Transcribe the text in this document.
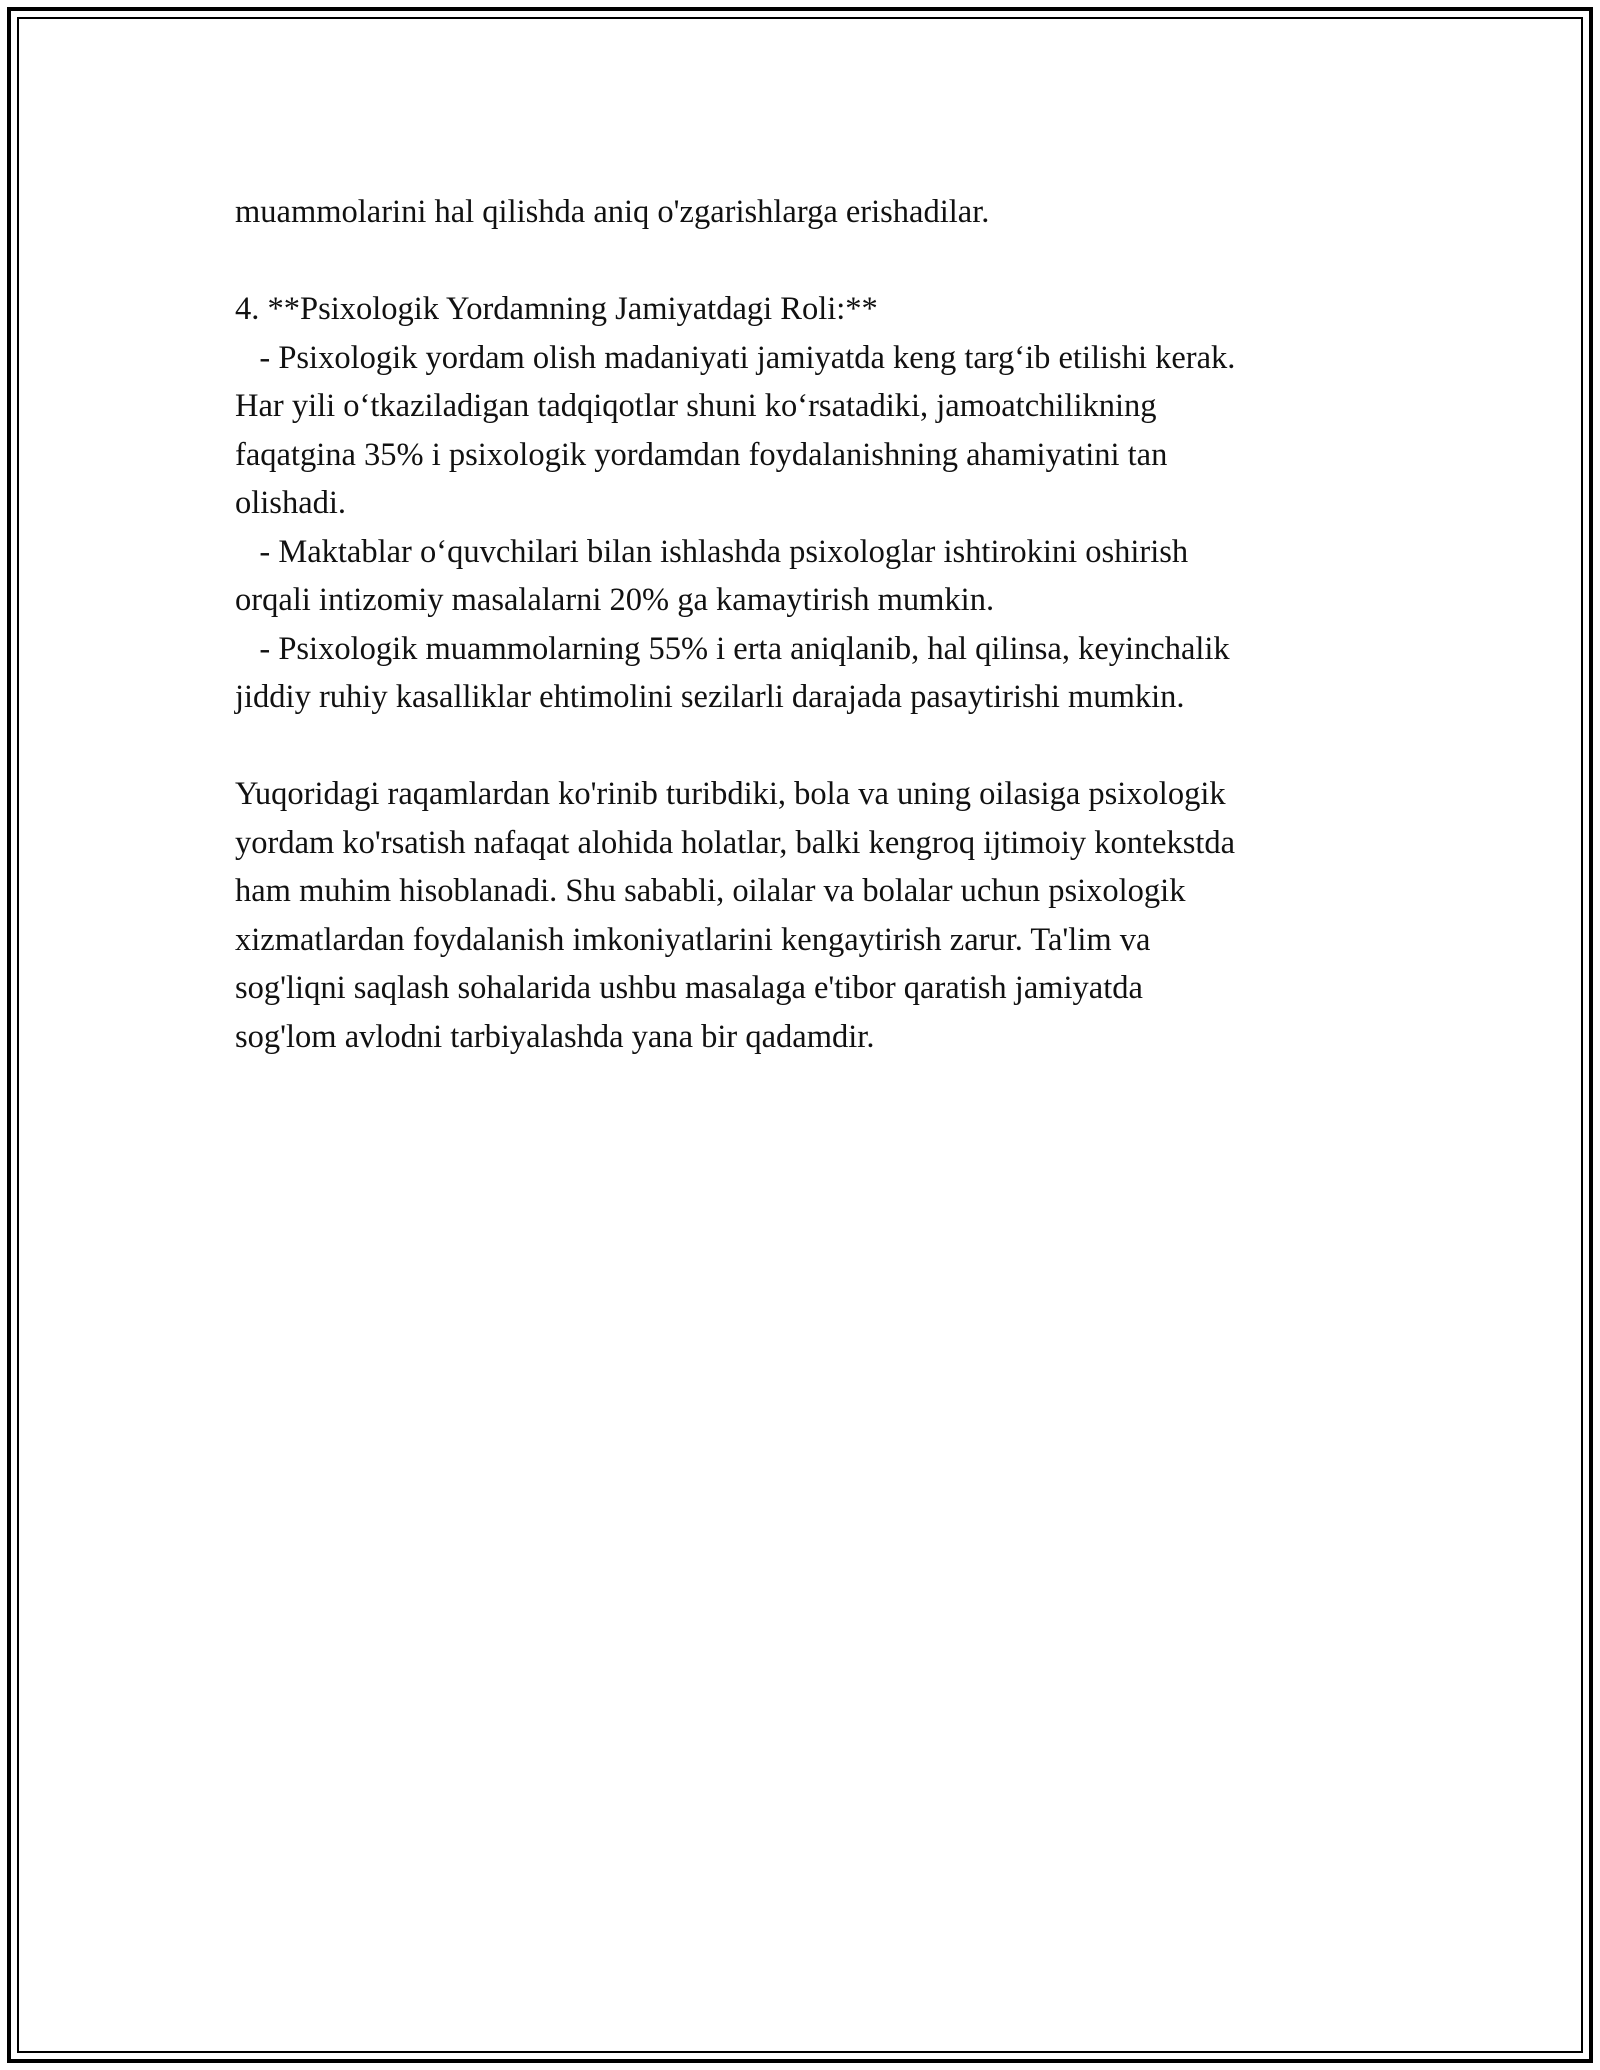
muammolarini hal qilishda aniq o'zgarishlarga erishadilar.

4. **Psixologik Yordamning Jamiyatdagi Roli:**
- Psixologik yordam olish madaniyati jamiyatda keng targ‘ib etilishi kerak.
Har yili o‘tkaziladigan tadqiqotlar shuni ko‘rsatadiki, jamoatchilikning
faqatgina 35% i psixologik yordamdan foydalanishning ahamiyatini tan
olishadi.
- Maktablar o‘quvchilari bilan ishlashda psixologlar ishtirokini oshirish
orqali intizomiy masalalarni 20% ga kamaytirish mumkin.
- Psixologik muammolarning 55% i erta aniqlanib, hal qilinsa, keyinchalik
jiddiy ruhiy kasalliklar ehtimolini sezilarli darajada pasaytirishi mumkin.

Yuqoridagi raqamlardan ko'rinib turibdiki, bola va uning oilasiga psixologik
yordam ko'rsatish nafaqat alohida holatlar, balki kengroq ijtimoiy kontekstda
ham muhim hisoblanadi. Shu sababli, oilalar va bolalar uchun psixologik
xizmatlardan foydalanish imkoniyatlarini kengaytirish zarur. Ta'lim va
sog'liqni saqlash sohalarida ushbu masalaga e'tibor qaratish jamiyatda
sog'lom avlodni tarbiyalashda yana bir qadamdir.
